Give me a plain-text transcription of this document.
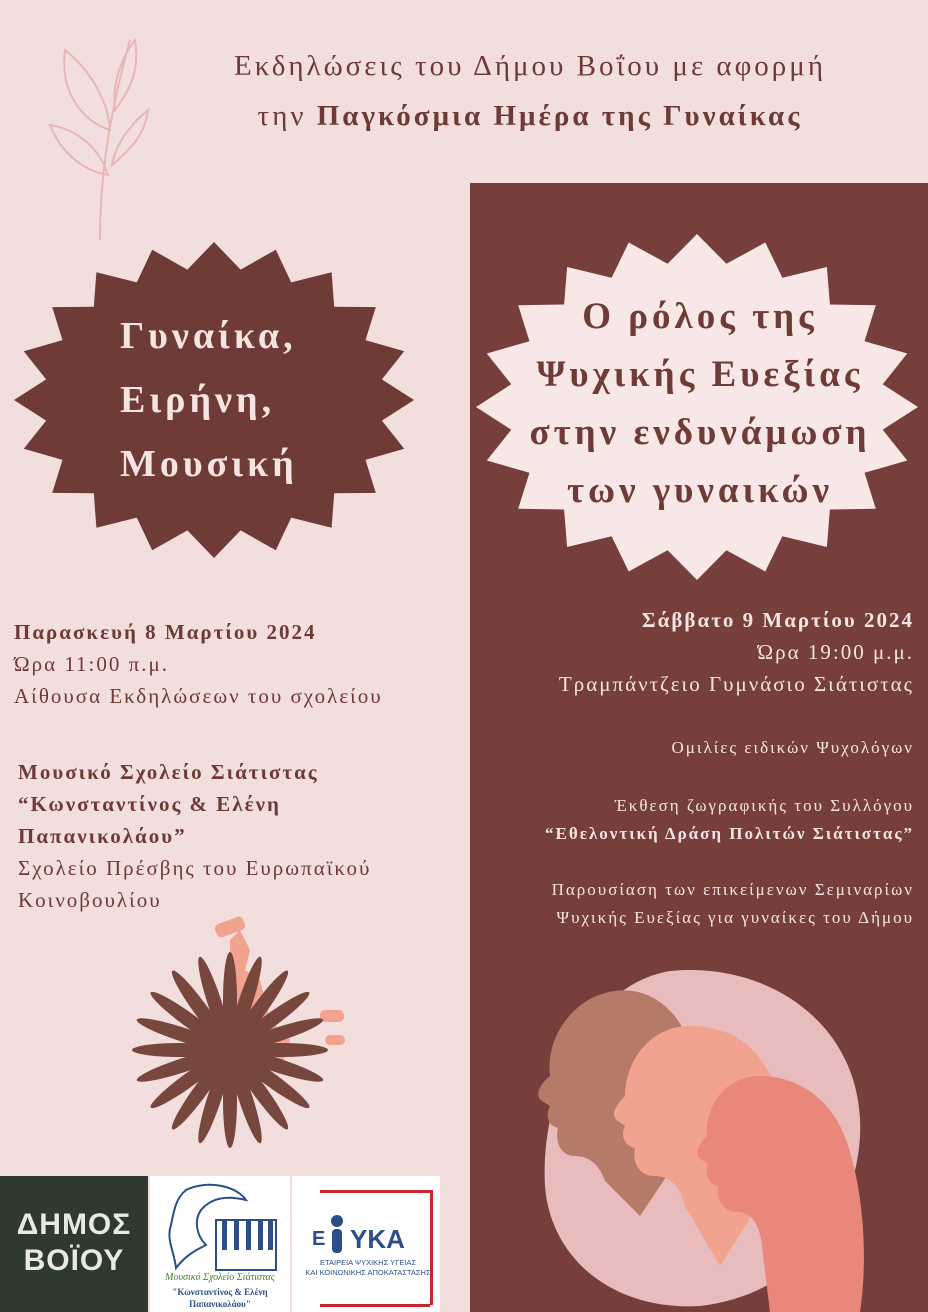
Εκδηλώσεις του Δήμου Βοΐου με αφορμή
την Παγκόσμια Ημέρα της Γυναίκας
Γυναίκα,
Ειρήνη,
Μουσική
Ο ρόλος της
Ψυχικής Ευεξίας
στην ενδυνάμωση
των γυναικών
Παρασκευή 8 Μαρτίου 2024
Ώρα 11:00 π.μ.
Αίθουσα Εκδηλώσεων του σχολείου
Μουσικό Σχολείο Σιάτιστας
“Κωνσταντίνος & Ελένη
Παπανικολάου”
Σχολείο Πρέσβης του Ευρωπαϊκού
Κοινοβουλίου
Σάββατο 9 Μαρτίου 2024
Ώρα 19:00 μ.μ.
Τραμπάντζειο Γυμνάσιο Σιάτιστας
Ομιλίες ειδικών Ψυχολόγων
Έκθεση ζωγραφικής του Συλλόγου
“Εθελοντική Δράση Πολιτών Σιάτιστας”
Παρουσίαση των επικείμενων Σεμιναρίων
Ψυχικής Ευεξίας για γυναίκες του Δήμου
ΔΗΜΟΣ
ΒΟΪΟΥ
Μουσικό Σχολείο Σιάτιστας
"Κωνσταντίνος & Ελένη
Παπανικολάου"
Ε ΥΚΑ
ΕΤΑΙΡΕΙΑ ΨΥΧΙΚΗΣ ΥΓΕΙΑΣ
ΚΑΙ ΚΟΙΝΩΝΙΚΗΣ ΑΠΟΚΑΤΑΣΤΑΣΗΣ
